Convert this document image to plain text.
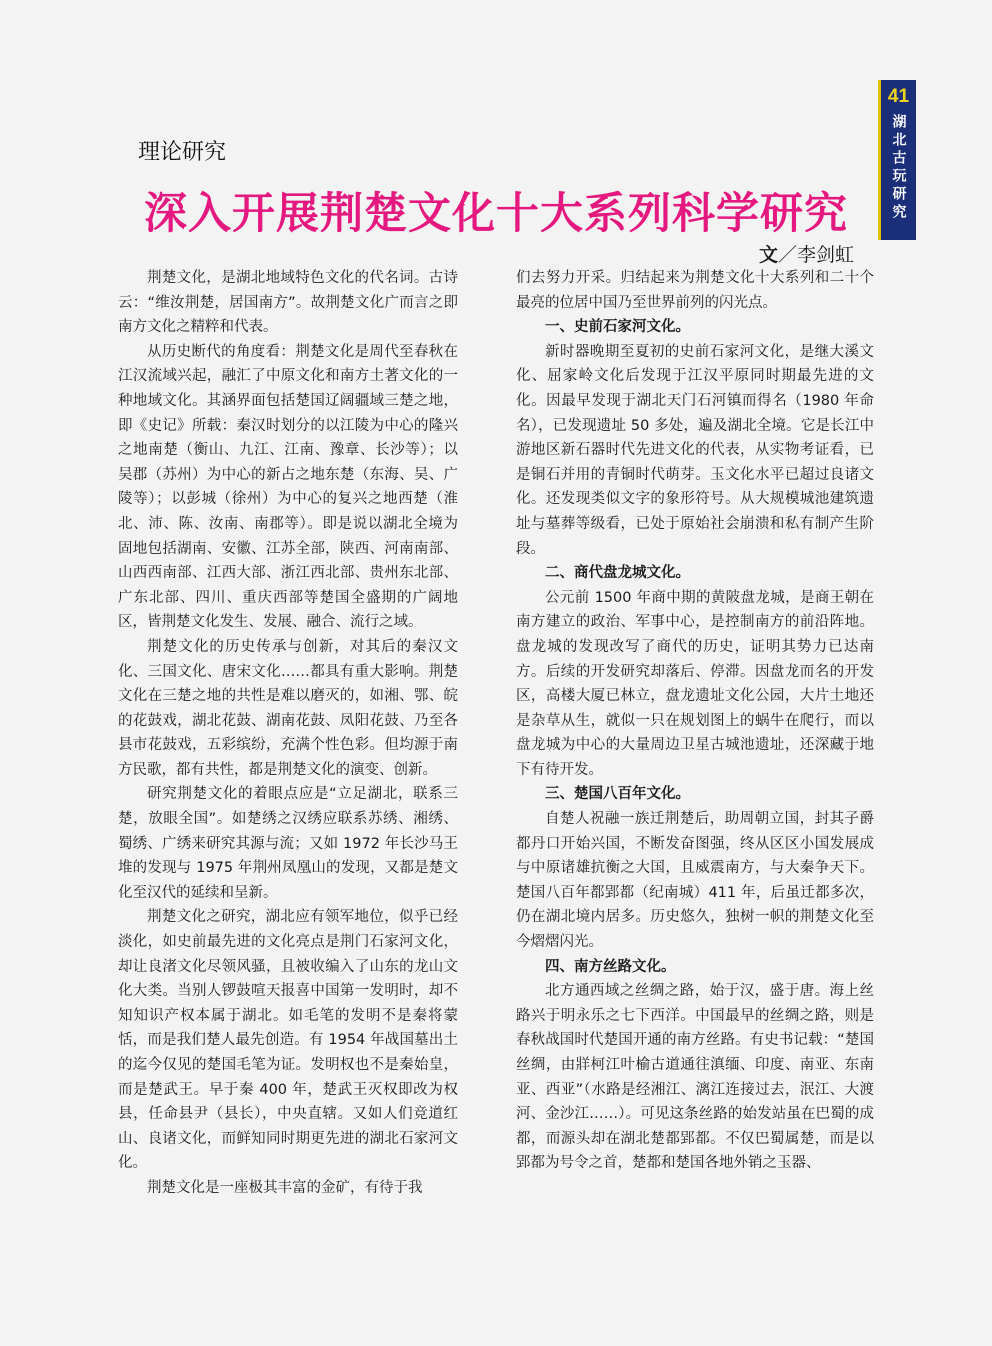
41
湖北古玩研究
理论研究
深入开展荆楚文化十大系列科学研究
文／李剑虹

荆楚文化，是湖北地域特色文化的代名词。古诗云：“维汝荆楚，居国南方”。故荆楚文化广而言之即南方文化之精粹和代表。

从历史断代的角度看：荆楚文化是周代至春秋在江汉流域兴起，融汇了中原文化和南方土著文化的一种地域文化。其涵界面包括楚国辽阔疆域三楚之地，即《史记》所载：秦汉时划分的以江陵为中心的隆兴之地南楚（衡山、九江、江南、豫章、长沙等）；以吴郡（苏州）为中心的新占之地东楚（东海、吴、广陵等）；以彭城（徐州）为中心的复兴之地西楚（淮北、沛、陈、汝南、南郡等）。即是说以湖北全境为固地包括湖南、安徽、江苏全部，陕西、河南南部、山西西南部、江西大部、浙江西北部、贵州东北部、广东北部、四川、重庆西部等楚国全盛期的广阔地区，皆荆楚文化发生、发展、融合、流行之域。

荆楚文化的历史传承与创新，对其后的秦汉文化、三国文化、唐宋文化……都具有重大影响。荆楚文化在三楚之地的共性是难以磨灭的，如湘、鄂、皖的花鼓戏，湖北花鼓、湖南花鼓、凤阳花鼓、乃至各县市花鼓戏，五彩缤纷，充满个性色彩。但均源于南方民歌，都有共性，都是荆楚文化的演变、创新。

研究荆楚文化的着眼点应是“立足湖北，联系三楚，放眼全国”。如楚绣之汉绣应联系苏绣、湘绣、蜀绣、广绣来研究其源与流；又如 1972 年长沙马王堆的发现与 1975 年荆州凤凰山的发现，又都是楚文化至汉代的延续和呈新。

荆楚文化之研究，湖北应有领军地位，似乎已经淡化，如史前最先进的文化亮点是荆门石家河文化，却让良渚文化尽领风骚，且被收编入了山东的龙山文化大类。当别人锣鼓喧天报喜中国第一发明时，却不知知识产权本属于湖北。如毛笔的发明不是秦将蒙恬，而是我们楚人最先创造。有 1954 年战国墓出土的迄今仅见的楚国毛笔为证。发明权也不是秦始皇，而是楚武王。早于秦 400 年，楚武王灭权即改为权县，任命县尹（县长），中央直辖。又如人们竞道红山、良诸文化，而鲜知同时期更先进的湖北石家河文化。

荆楚文化是一座极其丰富的金矿，有待于我

们去努力开采。归结起来为荆楚文化十大系列和二十个最亮的位居中国乃至世界前列的闪光点。

一、史前石家河文化。

新时器晚期至夏初的史前石家河文化，是继大溪文化、屈家岭文化后发现于江汉平原同时期最先进的文化。因最早发现于湖北天门石河镇而得名（1980 年命名），已发现遗址 50 多处，遍及湖北全境。它是长江中游地区新石器时代先进文化的代表，从实物考证看，已是铜石并用的青铜时代萌芽。玉文化水平已超过良诸文化。还发现类似文字的象形符号。从大规模城池建筑遗址与墓葬等级看，已处于原始社会崩溃和私有制产生阶段。

二、商代盘龙城文化。

公元前 1500 年商中期的黄陂盘龙城，是商王朝在南方建立的政治、军事中心，是控制南方的前沿阵地。盘龙城的发现改写了商代的历史，证明其势力已达南方。后续的开发研究却落后、停滞。因盘龙而名的开发区，高楼大厦已林立，盘龙遗址文化公园，大片土地还是杂草从生，就似一只在规划图上的蜗牛在爬行，而以盘龙城为中心的大量周边卫星古城池遗址，还深藏于地下有待开发。

三、楚国八百年文化。

自楚人祝融一族迁荆楚后，助周朝立国，封其子爵都丹口开始兴国，不断发奋图强，终从区区小国发展成与中原诸雄抗衡之大国，且威震南方，与大秦争天下。楚国八百年都郢都（纪南城）411 年，后虽迁都多次，仍在湖北境内居多。历史悠久，独树一帜的荆楚文化至今熠熠闪光。

四、南方丝路文化。

北方通西域之丝绸之路，始于汉，盛于唐。海上丝路兴于明永乐之七下西洋。中国最早的丝绸之路，则是春秋战国时代楚国开通的南方丝路。有史书记载：“楚国丝绸，由牂柯江叶榆古道通往滇缅、印度、南亚、东南亚、西亚”（水路是经湘江、漓江连接过去，泯江、大渡河、金沙江……）。可见这条丝路的始发站虽在巴蜀的成都，而源头却在湖北楚都郢都。不仅巴蜀属楚，而是以郢都为号令之首，楚都和楚国各地外销之玉器、
